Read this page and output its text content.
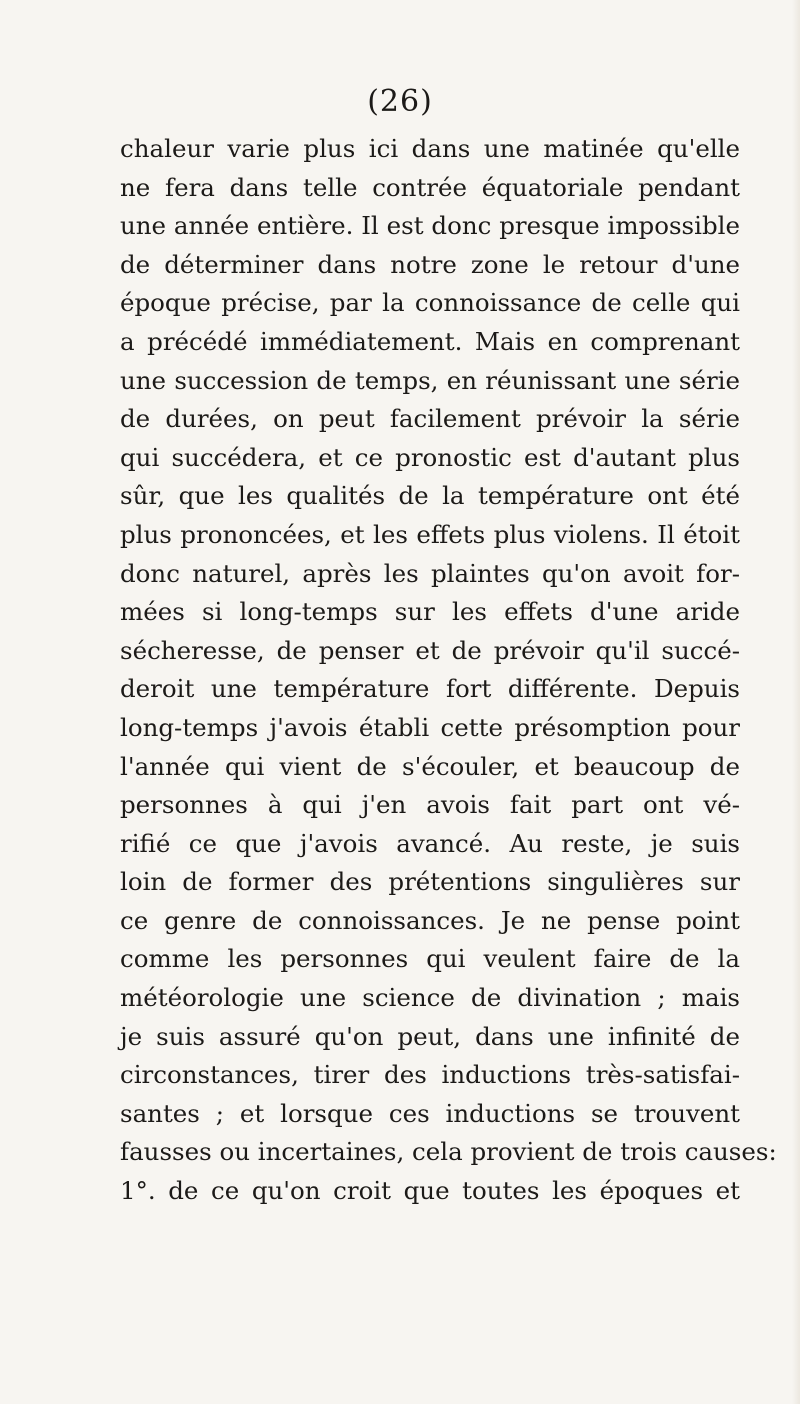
(26)
chaleur varie plus ici dans une matinée qu'elle
ne fera dans telle contrée équatoriale pendant
une année entière. Il est donc presque impossible
de déterminer dans notre zone le retour d'une
époque précise, par la connoissance de celle qui
a précédé immédiatement. Mais en comprenant
une succession de temps, en réunissant une série
de durées, on peut facilement prévoir la série
qui succédera, et ce pronostic est d'autant plus
sûr, que les qualités de la température ont été
plus prononcées, et les effets plus violens. Il étoit
donc naturel, après les plaintes qu'on avoit for-
mées si long-temps sur les effets d'une aride
sécheresse, de penser et de prévoir qu'il succé-
deroit une température fort différente. Depuis
long-temps j'avois établi cette présomption pour
l'année qui vient de s'écouler, et beaucoup de
personnes à qui j'en avois fait part ont vé-
rifié ce que j'avois avancé. Au reste, je suis
loin de former des prétentions singulières sur
ce genre de connoissances. Je ne pense point
comme les personnes qui veulent faire de la
météorologie une science de divination ; mais
je suis assuré qu'on peut, dans une infinité de
circonstances, tirer des inductions très-satisfai-
santes ; et lorsque ces inductions se trouvent
fausses ou incertaines, cela provient de trois causes:
1°. de ce qu'on croit que toutes les époques et
